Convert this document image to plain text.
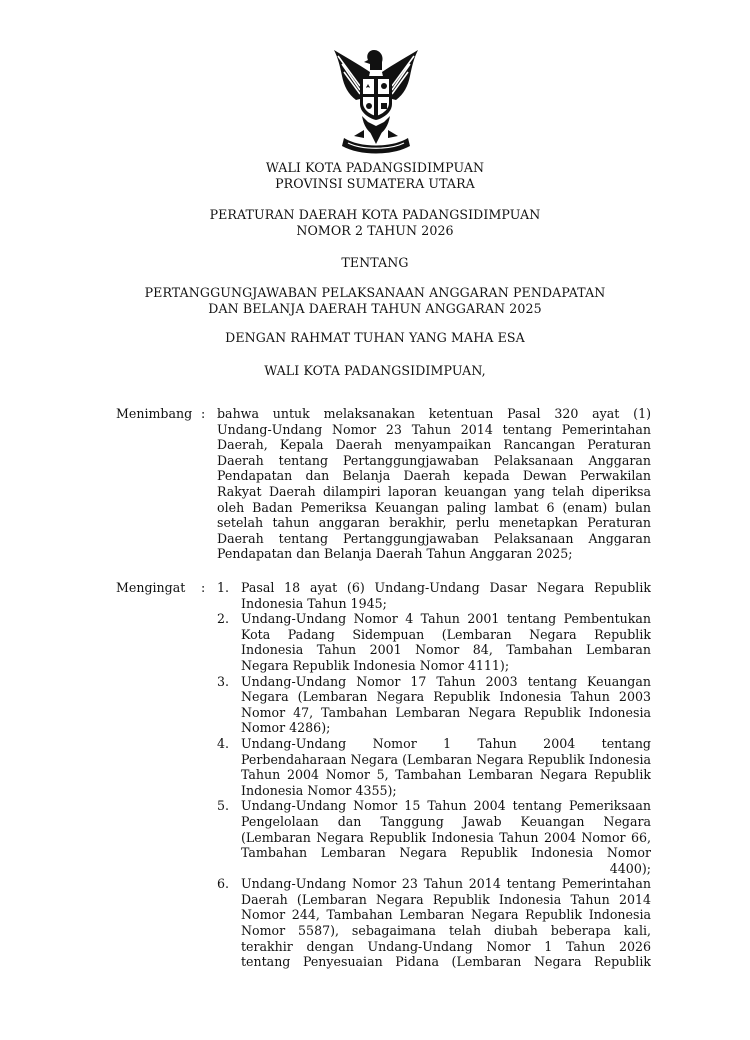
WALI KOTA PADANGSIDIMPUAN
PROVINSI SUMATERA UTARA
PERATURAN DAERAH KOTA PADANGSIDIMPUAN
NOMOR 2 TAHUN 2026
TENTANG
PERTANGGUNGJAWABAN PELAKSANAAN ANGGARAN PENDAPATAN
DAN BELANJA DAERAH TAHUN ANGGARAN 2025
DENGAN RAHMAT TUHAN YANG MAHA ESA
WALI KOTA PADANGSIDIMPUAN,
Menimbang : bahwa untuk melaksanakan ketentuan Pasal 320 ayat (1)
Undang-Undang Nomor 23 Tahun 2014 tentang Pemerintahan
Daerah, Kepala Daerah menyampaikan Rancangan Peraturan
Daerah tentang Pertanggungjawaban Pelaksanaan Anggaran
Pendapatan dan Belanja Daerah kepada Dewan Perwakilan
Rakyat Daerah dilampiri laporan keuangan yang telah diperiksa
oleh Badan Pemeriksa Keuangan paling lambat 6 (enam) bulan
setelah tahun anggaran berakhir, perlu menetapkan Peraturan
Daerah tentang Pertanggungjawaban Pelaksanaan Anggaran
Pendapatan dan Belanja Daerah Tahun Anggaran 2025;
Mengingat : 1. Pasal 18 ayat (6) Undang-Undang Dasar Negara Republik
Indonesia Tahun 1945;
2. Undang-Undang Nomor 4 Tahun 2001 tentang Pembentukan
Kota Padang Sidempuan (Lembaran Negara Republik
Indonesia Tahun 2001 Nomor 84, Tambahan Lembaran
Negara Republik Indonesia Nomor 4111);
3. Undang-Undang Nomor 17 Tahun 2003 tentang Keuangan
Negara (Lembaran Negara Republik Indonesia Tahun 2003
Nomor 47, Tambahan Lembaran Negara Republik Indonesia
Nomor 4286);
4. Undang-Undang Nomor 1 Tahun 2004 tentang
Perbendaharaan Negara (Lembaran Negara Republik Indonesia
Tahun 2004 Nomor 5, Tambahan Lembaran Negara Republik
Indonesia Nomor 4355);
5. Undang-Undang Nomor 15 Tahun 2004 tentang Pemeriksaan
Pengelolaan dan Tanggung Jawab Keuangan Negara
(Lembaran Negara Republik Indonesia Tahun 2004 Nomor 66,
Tambahan Lembaran Negara Republik Indonesia Nomor
4400);
6. Undang-Undang Nomor 23 Tahun 2014 tentang Pemerintahan
Daerah (Lembaran Negara Republik Indonesia Tahun 2014
Nomor 244, Tambahan Lembaran Negara Republik Indonesia
Nomor 5587), sebagaimana telah diubah beberapa kali,
terakhir dengan Undang-Undang Nomor 1 Tahun 2026
tentang Penyesuaian Pidana (Lembaran Negara Republik
